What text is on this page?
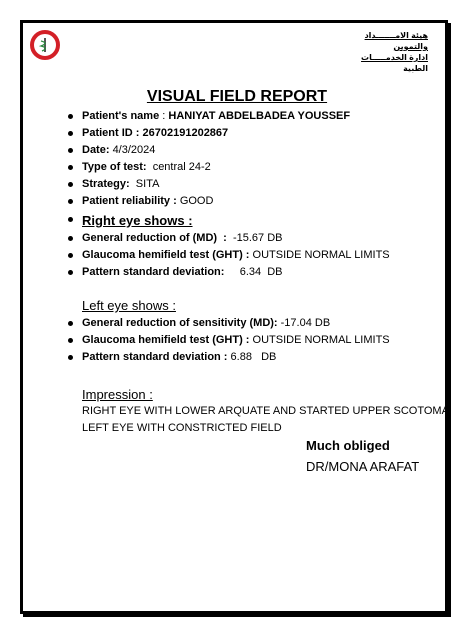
هيئة الامـــــــداد
والتموين
ادارة الخدمـــــات
الطبية
VISUAL FIELD REPORT
Patient's name : HANIYAT ABDELBADEA YOUSSEF
Patient ID : 26702191202867
Date: 4/3/2024
Type of test:  central 24-2
Strategy:  SITA
Patient reliability : GOOD
Right eye shows :
General reduction of (MD)  :  -15.67 DB
Glaucoma hemifield test (GHT) : OUTSIDE NORMAL LIMITS
Pattern standard deviation:     6.34  DB
Left eye shows :
General reduction of sensitivity (MD): -17.04 DB
Glaucoma hemifield test (GHT) : OUTSIDE NORMAL LIMITS
Pattern standard deviation : 6.88   DB
Impression :
RIGHT EYE WITH LOWER ARQUATE AND STARTED UPPER SCOTOMA
LEFT EYE WITH CONSTRICTED FIELD
Much obliged
DR/MONA ARAFAT
